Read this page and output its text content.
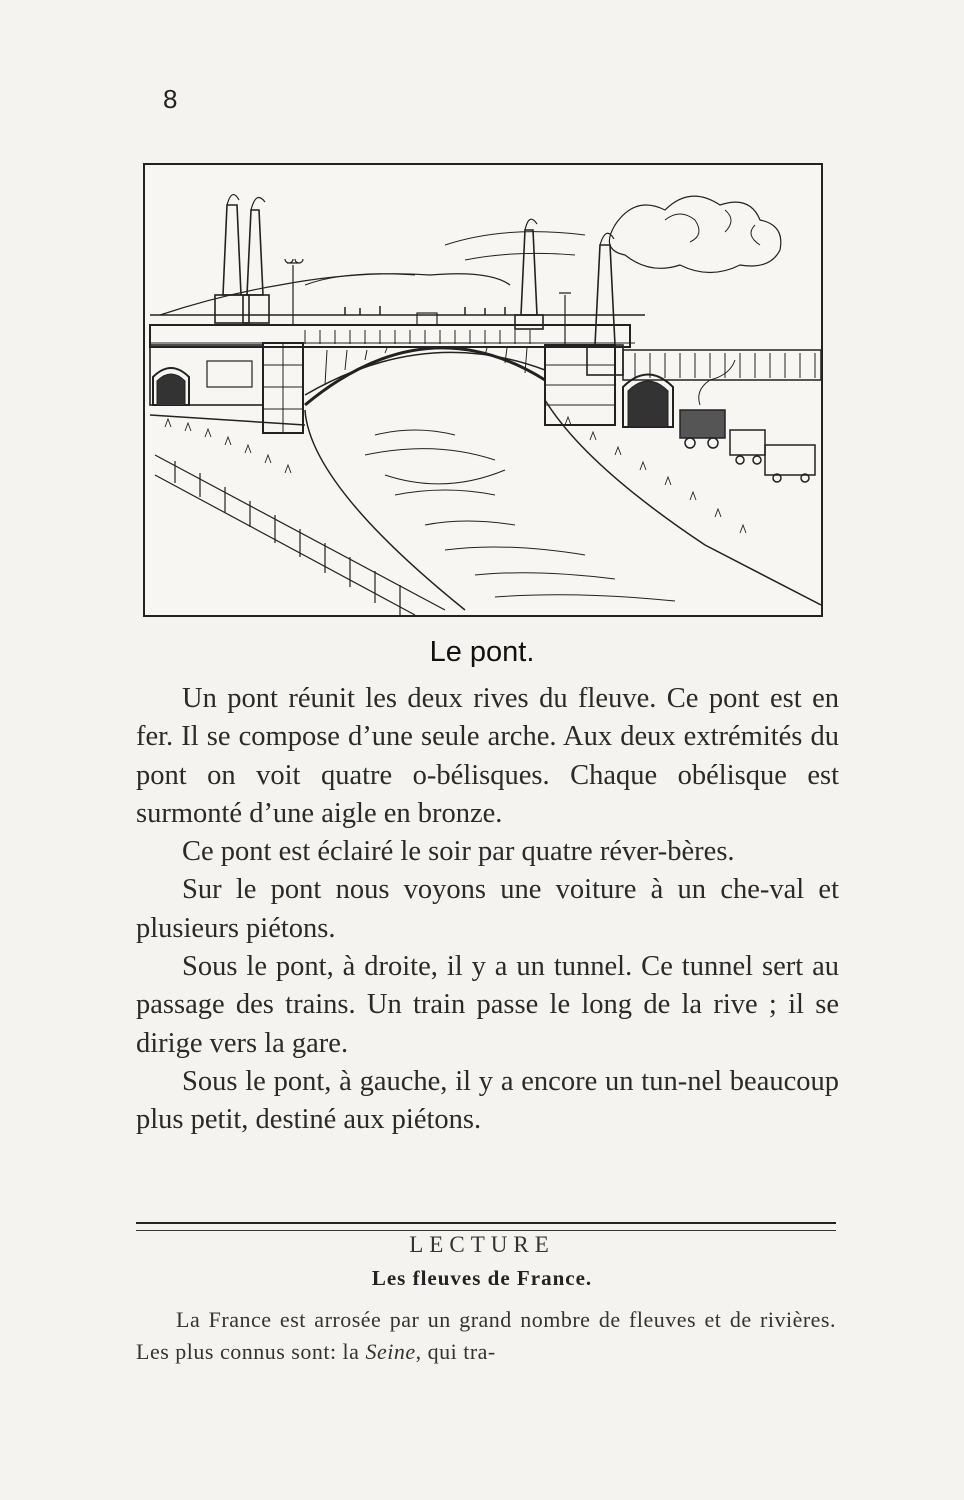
8
Le pont.

Un pont réunit les deux rives du fleuve. Ce pont est en fer. Il se compose d’une seule arche. Aux deux extrémités du pont on voit quatre o-bélisques. Chaque obélisque est surmonté d’une aigle en bronze.

Ce pont est éclairé le soir par quatre réver-bères.

Sur le pont nous voyons une voiture à un che-val et plusieurs piétons.

Sous le pont, à droite, il y a un tunnel. Ce tunnel sert au passage des trains. Un train passe le long de la rive ; il se dirige vers la gare.

Sous le pont, à gauche, il y a encore un tun-nel beaucoup plus petit, destiné aux piétons.

LECTURE
Les fleuves de France.

La France est arrosée par un grand nombre de fleuves et de rivières. Les plus connus sont: la Seine, qui tra-
